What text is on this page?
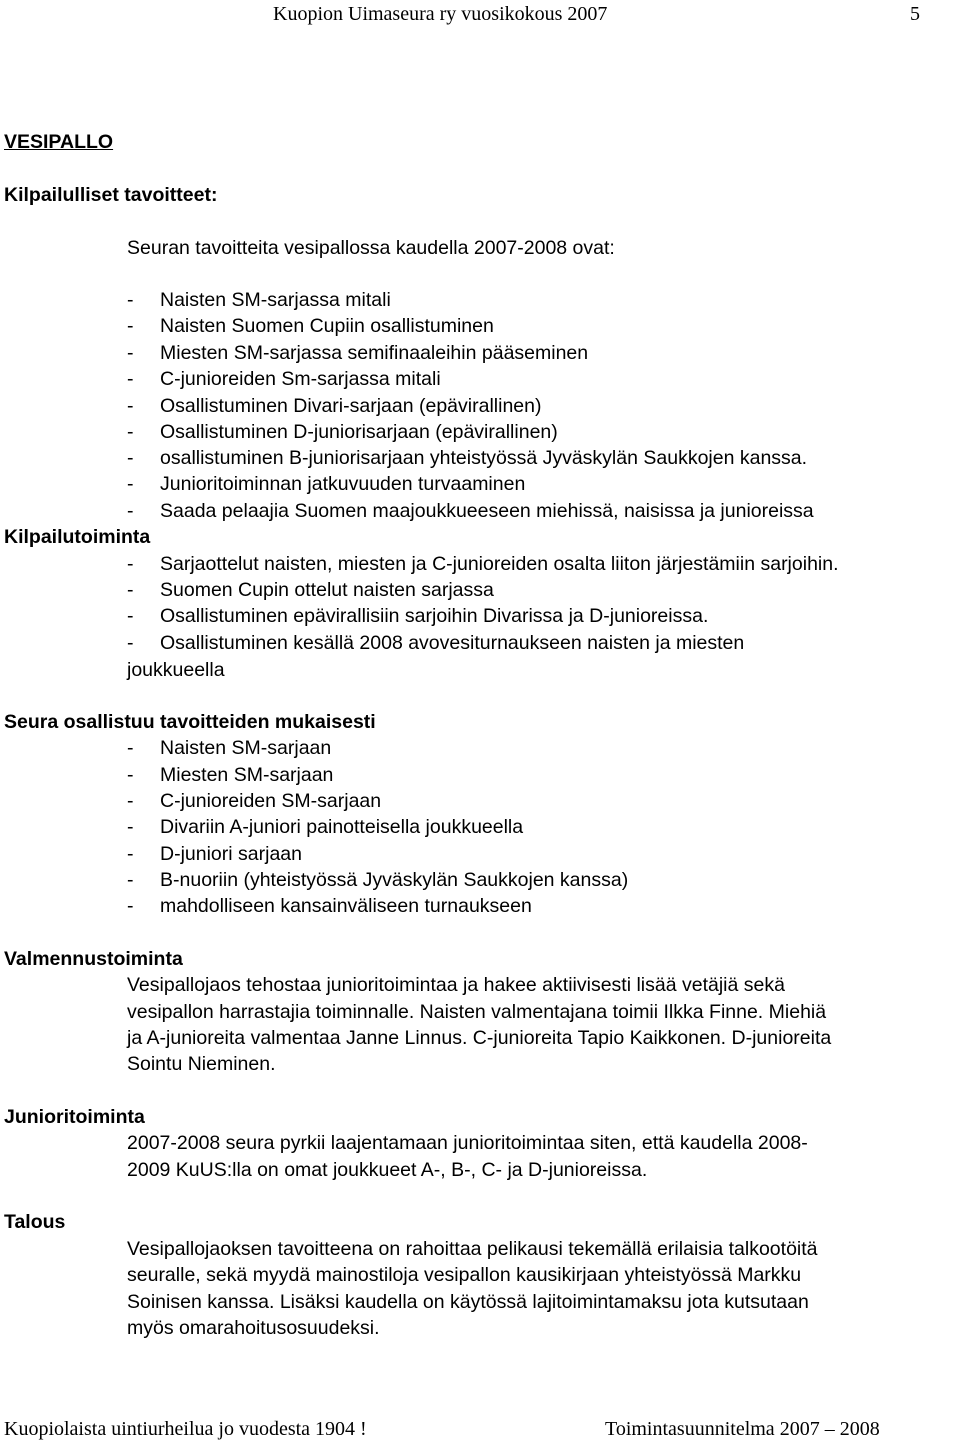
Kuopion Uimaseura ry vuosikokous 2007	5
VESIPALLO
Kilpailulliset tavoitteet:
Seuran tavoitteita vesipallossa kaudella 2007-2008 ovat:
- Naisten SM-sarjassa mitali
- Naisten Suomen Cupiin osallistuminen
- Miesten SM-sarjassa semifinaaleihin pääseminen
- C-junioreiden Sm-sarjassa mitali
- Osallistuminen Divari-sarjaan (epävirallinen)
- Osallistuminen D-juniorisarjaan (epävirallinen)
- osallistuminen B-juniorisarjaan yhteistyössä Jyväskylän Saukkojen kanssa.
- Junioritoiminnan jatkuvuuden turvaaminen
- Saada pelaajia Suomen maajoukkueeseen miehissä, naisissa ja junioreissa
Kilpailutoiminta
- Sarjaottelut naisten, miesten ja C-junioreiden osalta liiton järjestämiin sarjoihin.
- Suomen Cupin ottelut naisten sarjassa
- Osallistuminen epävirallisiin sarjoihin Divarissa ja D-junioreissa.
- Osallistuminen kesällä 2008 avovesiturnaukseen naisten ja miesten
joukkueella
Seura osallistuu tavoitteiden mukaisesti
- Naisten SM-sarjaan
- Miesten SM-sarjaan
- C-junioreiden SM-sarjaan
- Divariin A-juniori painotteisella joukkueella
- D-juniori sarjaan
- B-nuoriin (yhteistyössä Jyväskylän Saukkojen kanssa)
- mahdolliseen kansainväliseen turnaukseen
Valmennustoiminta
Vesipallojaos tehostaa junioritoimintaa ja hakee aktiivisesti lisää vetäjiä sekä
vesipallon harrastajia toiminnalle. Naisten valmentajana toimii Ilkka Finne. Miehiä
ja A-junioreita valmentaa Janne Linnus. C-junioreita Tapio Kaikkonen. D-junioreita
Sointu Nieminen.
Junioritoiminta
2007-2008 seura pyrkii laajentamaan junioritoimintaa siten, että kaudella 2008-
2009 KuUS:lla on omat joukkueet A-, B-, C- ja D-junioreissa.
Talous
Vesipallojaoksen tavoitteena on rahoittaa pelikausi tekemällä erilaisia talkootöitä
seuralle, sekä myydä mainostiloja vesipallon kausikirjaan yhteistyössä Markku
Soinisen kanssa. Lisäksi kaudella on käytössä lajitoimintamaksu jota kutsutaan
myös omarahoitusosuudeksi.
Kuopiolaista uintiurheilua jo vuodesta 1904 !	Toimintasuunnitelma 2007 – 2008
